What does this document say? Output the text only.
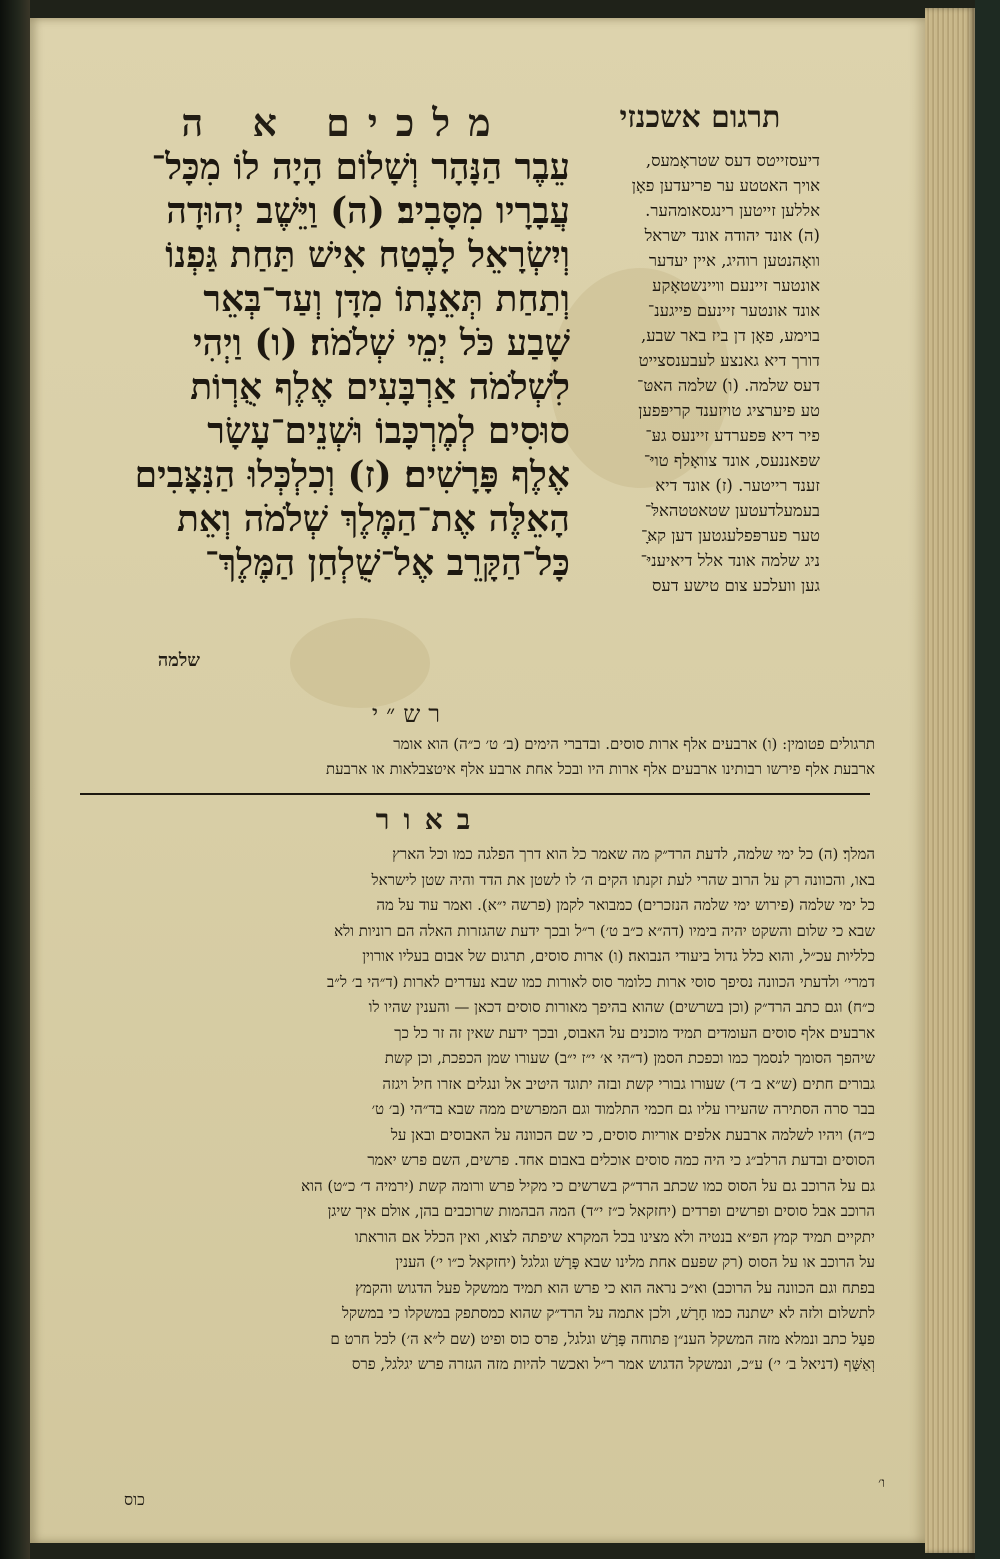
מלכים א ה	תרגום אשכנזי
עֵבֶר הַנָּהָר וְשָׁלוֹם הָיָה לוֹ מִכָּל־
עֲבָרָיו מִסָּבִיב׃ (ה) וַיֵּשֶׁב יְהוּדָה
וְיִשְׂרָאֵל לָבֶטַח אִישׁ תַּחַת גַּפְנוֹ
וְתַחַת תְּאֵנָתוֹ מִדָּן וְעַד־בְּאֵר
שָׁבַע כֹּל יְמֵי שְׁלֹמֹה׃ (ו) וַיְהִי
לִשְׁלֹמֹה אַרְבָּעִים אֶלֶף אֻרְוֹת
סוּסִים לְמֶרְכָּבוֹ וּשְׁנֵים־עָשָׂר
אֶלֶף פָּרָשִׁים׃ (ז) וְכִלְכְּלוּ הַנִּצָּבִים
הָאֵלֶּה אֶת־הַמֶּלֶךְ שְׁלֹמֹה וְאֵת
כָּל־הַקָּרֵב אֶל־שֻׁלְחַן הַמֶּלֶךְ־
שלמה
דיעסזייטס דעס שטראָמעס,
אויך האטטע ער פריעדען פאָן
אללען זייטען רינגסאומהער.
(ה) אונד יהודה אונד ישראל
וואָהנטען רוהיג, איין יעדער
אונטער זיינעם וויינשטאָקע
אונד אונטער זיינעם פייגענ־
בוימע, פאָן דן ביז באר שבע,
דורך דיא גאנצע לעבענסצייט
דעס שלמה. (ו) שלמה האטּ־
טע פיערציג טויזענד קריפּפען
פיר דיא פּפערדע זיינעס געּ־
שפאננעס, אונד צוואָלף טויּ־
זענד רייטער. (ז) אונד דיא
בעמעלדעטען שטאטטהאלּ־
טער פערפּפלעגטען דען קאָּ־
ניג שלמה אונד אלל דיאיעניּ־
גען וועלכע צום טישע דעס
רש״י
תרגולים פטומין: (ו) ארבעים אלף ארות סוסים. ובדברי הימים (ב׳ ט׳ כ״ה) הוא אומר
ארבעת אלף פירשו רבותינו ארבעים אלף ארות היו ובכל אחת ארבע אלף איטצבלאות או ארבעת
באור
המלך׃ (ה) כל ימי שלמה, לדעת הרד״ק מה שאמר כל הוא דרך הפלגה כמו וכל הארץ
באו, והכוונה רק על הרוב שהרי לעת זקנתו הקים ה׳ לו לשטן את הדד והיה שטן לישראל
כל ימי שלמה (פירוש ימי שלמה הנזכרים) כמבואר לקמן (פרשה י״א). ואמר עוד על מה
שבא כי שלום והשקט יהיה בימיו (דה״א כ״ב ט׳) ר״ל ובכך ידעת שהגזרות האלה הם רוניות ולא
כלליות עכ״ל, והוא כלל גדול ביעודי הנבואה׃ (ו) ארות סוסים, תרגום של אבום בעליו אורוין
דמרי׳ ולדעתי הכוונה נסיפך סוסי ארות כלומר סוס לאורות כמו שבא נעדרים לארות (ד״הי ב׳ ל״ב
כ״ח) וגם כתב הרד״ק (וכן בשרשים) שהוא בהיפך מאורות סוסים דכאן — והענין שהיו לו
ארבעים אלף סוסים העומדים תמיד מוכנים על האבוס, ובכך ידעת שאין זה זר כל כך
שיהפך הסומך לנסמך כמו וכפכת הסמן (ד״הי א׳ י״ז י״ב) שעורו שמן הכפכת, וכן קשת
גבורים חתים (ש״א ב׳ ד׳) שעורו גבורי קשת ובזה יתוגד היטיב אל ונגלים אזרו חיל ויגזה
בבר סרה הסתירה שהעירו עליו גם חכמי התלמוד וגם המפרשים ממה שבא בד״הי (ב׳ ט׳
כ״ה) ויהיו לשלמה ארבעת אלפים אוריות סוסים, כי שם הכוונה על האבוסים ובאן על
הסוסים ובדעת הרלב״ג כי היה כמה סוסים אוכלים באבום אחד. פרשים, השם פרש יאמר
גם על הרוכב גם על הסוס כמו שכתב הרד״ק בשרשים כי מקיל פרש ורומה קשת (ירמיה ד׳ כ״ט) הוא
הרוכב אבל סוסים ופרשים ופרדים (יחזקאל כ״ז י״ד) המה הבהמות שרוכבים בהן, אולם איך שיגן
יתקיים תמיד קמץ הפ״א בנטיה ולא מצינו בכל המקרא שיפתה לצוא, ואין הכלל אם הוראתו
על הרוכב או על הסוס (רק שפעם אחת מלינו שבא פָּרָשׁ וגלגל (יחזקאל כ״ו י׳) הענין
בפתח וגם הכוונה על הרוכב) וא״כ נראה הוא כי פרש הוא תמיד ממשקל פעל הדגוש והקמץ
לתשלום ולזה לא ישתנה כמו חָרָשׁ, ולכן אתמה על הרד״ק שהוא כמסתפק במשקלו כי במשקל
פעַל כתב ונמלא מזה המשקל הענ״ן פתוחה פָּרָשׁ וגלגל, פרס כוס ופיט (שם ל״א ה׳) לכל חרט ם
וְאַשָּׁף (דניאל ב׳ י׳) ע״כ, ונמשקל הדגוש אמר ר״ל ואכשר להיות מזה הגזרה פרש יגלגל, פרס
כוס
ו׳
